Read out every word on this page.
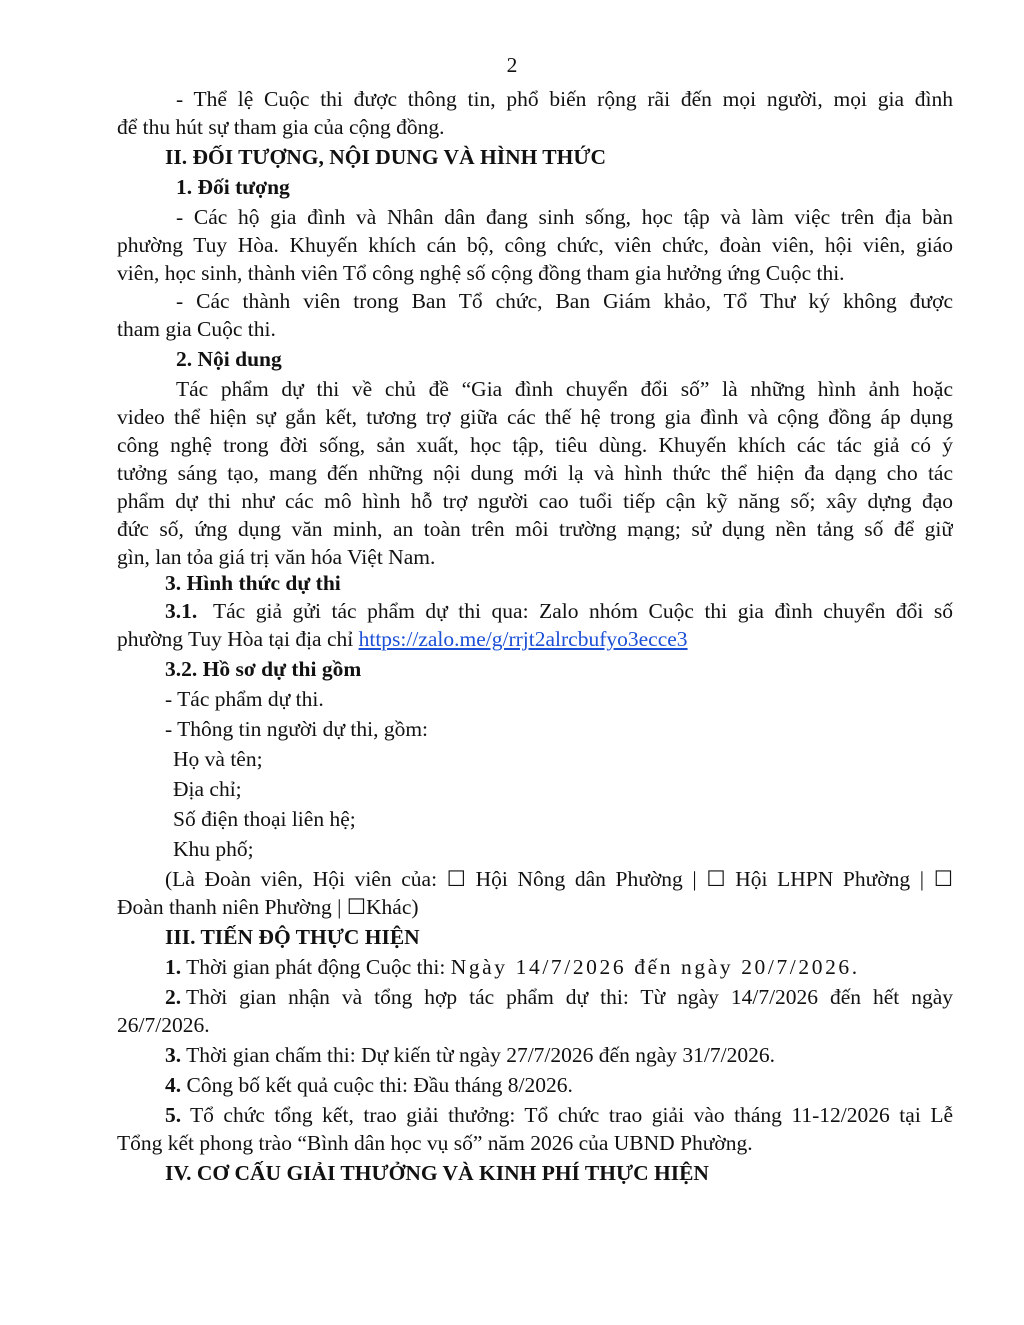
2
- Thể lệ Cuộc thi được thông tin, phổ biến rộng rãi đến mọi người, mọi gia đình
để thu hút sự tham gia của cộng đồng.
II. ĐỐI TƯỢNG, NỘI DUNG VÀ HÌNH THỨC
1. Đối tượng
- Các hộ gia đình và Nhân dân đang sinh sống, học tập và làm việc trên địa bàn
phường Tuy Hòa. Khuyến khích cán bộ, công chức, viên chức, đoàn viên, hội viên, giáo
viên, học sinh, thành viên Tổ công nghệ số cộng đồng tham gia hưởng ứng Cuộc thi.
- Các thành viên trong Ban Tổ chức, Ban Giám khảo, Tổ Thư ký không được
tham gia Cuộc thi.
2. Nội dung
Tác phẩm dự thi về chủ đề “Gia đình chuyển đổi số” là những hình ảnh hoặc
video thể hiện sự gắn kết, tương trợ giữa các thế hệ trong gia đình và cộng đồng áp dụng
công nghệ trong đời sống, sản xuất, học tập, tiêu dùng. Khuyến khích các tác giả có ý
tưởng sáng tạo, mang đến những nội dung mới lạ và hình thức thể hiện đa dạng cho tác
phẩm dự thi như các mô hình hỗ trợ người cao tuổi tiếp cận kỹ năng số; xây dựng đạo
đức số, ứng dụng văn minh, an toàn trên môi trường mạng; sử dụng nền tảng số để giữ
gìn, lan tỏa giá trị văn hóa Việt Nam.
3. Hình thức dự thi
3.1. Tác giả gửi tác phẩm dự thi qua: Zalo nhóm Cuộc thi gia đình chuyển đổi số
phường Tuy Hòa tại địa chỉ https://zalo.me/g/rrjt2alrcbufyo3ecce3
3.2. Hồ sơ dự thi gồm
- Tác phẩm dự thi.
- Thông tin người dự thi, gồm:
Họ và tên;
Địa chỉ;
Số điện thoại liên hệ;
Khu phố;
(Là Đoàn viên, Hội viên của: ☐ Hội Nông dân Phường | ☐ Hội LHPN Phường | ☐
Đoàn thanh niên Phường | ☐Khác)
III. TIẾN ĐỘ THỰC HIỆN
1. Thời gian phát động Cuộc thi: Ngày 14/7/2026 đến ngày 20/7/2026.
2. Thời gian nhận và tổng hợp tác phẩm dự thi: Từ ngày 14/7/2026 đến hết ngày
26/7/2026.
3. Thời gian chấm thi: Dự kiến từ ngày 27/7/2026 đến ngày 31/7/2026.
4. Công bố kết quả cuộc thi: Đầu tháng 8/2026.
5. Tổ chức tổng kết, trao giải thưởng: Tổ chức trao giải vào tháng 11-12/2026 tại Lễ
Tổng kết phong trào “Bình dân học vụ số” năm 2026 của UBND Phường.
IV. CƠ CẤU GIẢI THƯỞNG VÀ KINH PHÍ THỰC HIỆN
